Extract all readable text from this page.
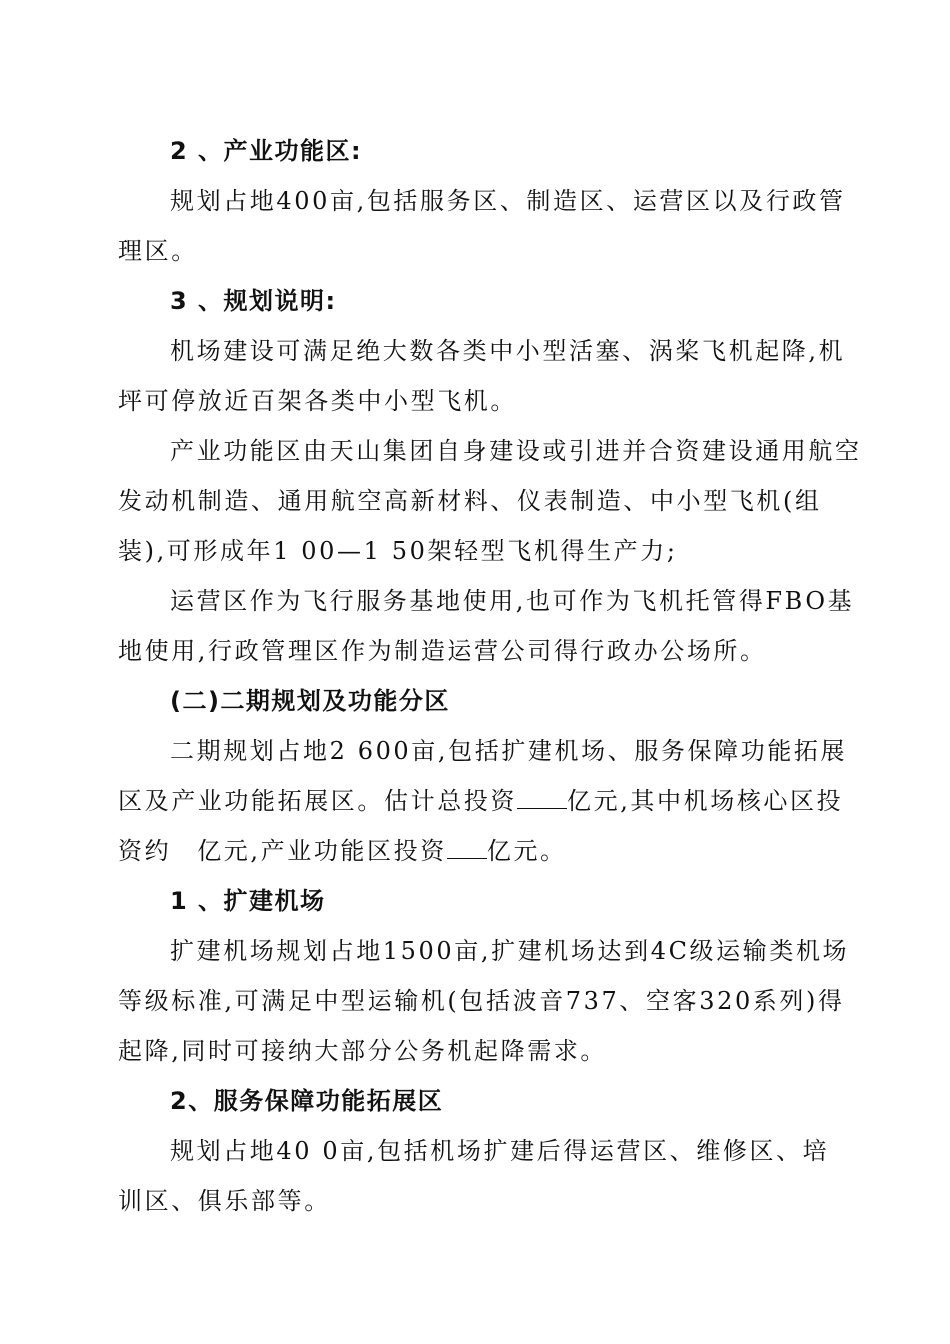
2 、产业功能区:
规划占地400亩,包括服务区、制造区、运营区以及行政管
理区。
3 、规划说明:
机场建设可满足绝大数各类中小型活塞、涡桨飞机起降,机
坪可停放近百架各类中小型飞机。
产业功能区由天山集团自身建设或引进并合资建设通用航空
发动机制造、通用航空高新材料、仪表制造、中小型飞机(组
装),可形成年1 00—1 50架轻型飞机得生产力;
运营区作为飞行服务基地使用,也可作为飞机托管得FBO基
地使用,行政管理区作为制造运营公司得行政办公场所。
(二)二期规划及功能分区
二期规划占地2 600亩,包括扩建机场、服务保障功能拓展
区及产业功能拓展区。估计总投资 亿元,其中机场核心区投
资约 亿元,产业功能区投资 亿元。
1 、扩建机场
扩建机场规划占地1500亩,扩建机场达到4C级运输类机场
等级标准,可满足中型运输机(包括波音737、空客320系列)得
起降,同时可接纳大部分公务机起降需求。
2、服务保障功能拓展区
规划占地40 0亩,包括机场扩建后得运营区、维修区、培
训区、俱乐部等。
